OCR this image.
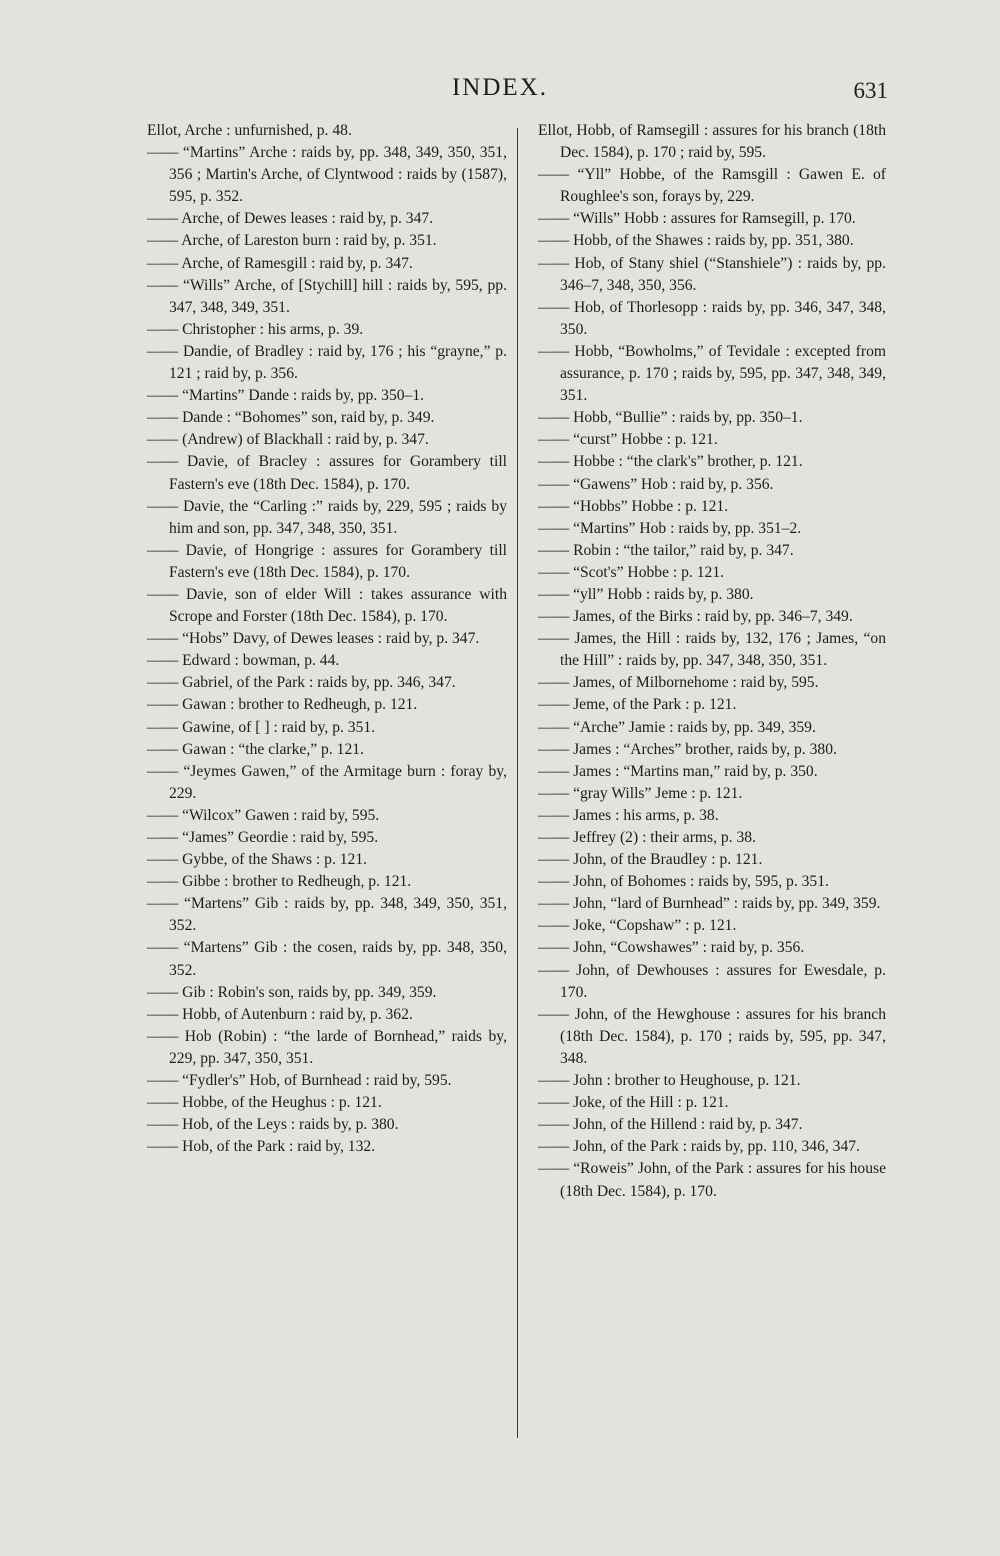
INDEX.	631

Ellot, Arche : unfurnished, p. 48.

—— “Martins” Arche : raids by, pp. 348, 349, 350, 351, 356 ; Martin's Arche, of Clyntwood : raids by (1587), 595, p. 352.

—— Arche, of Dewes leases : raid by, p. 347.

—— Arche, of Lareston burn : raid by, p. 351.

—— Arche, of Ramesgill : raid by, p. 347.

—— “Wills” Arche, of [Stychill] hill : raids by, 595, pp. 347, 348, 349, 351.

—— Christopher : his arms, p. 39.

—— Dandie, of Bradley : raid by, 176 ; his “grayne,” p. 121 ; raid by, p. 356.

—— “Martins” Dande : raids by, pp. 350–1.

—— Dande : “Bohomes” son, raid by, p. 349.

—— (Andrew) of Blackhall : raid by, p. 347.

—— Davie, of Bracley : assures for Gorambery till Fastern's eve (18th Dec. 1584), p. 170.

—— Davie, the “Carling :” raids by, 229, 595 ; raids by him and son, pp. 347, 348, 350, 351.

—— Davie, of Hongrige : assures for Gorambery till Fastern's eve (18th Dec. 1584), p. 170.

—— Davie, son of elder Will : takes assurance with Scrope and Forster (18th Dec. 1584), p. 170.

—— “Hobs” Davy, of Dewes leases : raid by, p. 347.

—— Edward : bowman, p. 44.

—— Gabriel, of the Park : raids by, pp. 346, 347.

—— Gawan : brother to Redheugh, p. 121.

—— Gawine, of [ ] : raid by, p. 351.

—— Gawan : “the clarke,” p. 121.

—— “Jeymes Gawen,” of the Armitage burn : foray by, 229.

—— “Wilcox” Gawen : raid by, 595.

—— “James” Geordie : raid by, 595.

—— Gybbe, of the Shaws : p. 121.

—— Gibbe : brother to Redheugh, p. 121.

—— “Martens” Gib : raids by, pp. 348, 349, 350, 351, 352.

—— “Martens” Gib : the cosen, raids by, pp. 348, 350, 352.

—— Gib : Robin's son, raids by, pp. 349, 359.

—— Hobb, of Autenburn : raid by, p. 362.

—— Hob (Robin) : “the larde of Bornhead,” raids by, 229, pp. 347, 350, 351.

—— “Fydler's” Hob, of Burnhead : raid by, 595.

—— Hobbe, of the Heughus : p. 121.

—— Hob, of the Leys : raids by, p. 380.

—— Hob, of the Park : raid by, 132.

Ellot, Hobb, of Ramsegill : assures for his branch (18th Dec. 1584), p. 170 ; raid by, 595.

—— “Yll” Hobbe, of the Ramsgill : Gawen E. of Roughlee's son, forays by, 229.

—— “Wills” Hobb : assures for Ramsegill, p. 170.

—— Hobb, of the Shawes : raids by, pp. 351, 380.

—— Hob, of Stany shiel (“Stanshiele”) : raids by, pp. 346–7, 348, 350, 356.

—— Hob, of Thorlesopp : raids by, pp. 346, 347, 348, 350.

—— Hobb, “Bowholms,” of Tevidale : excepted from assurance, p. 170 ; raids by, 595, pp. 347, 348, 349, 351.

—— Hobb, “Bullie” : raids by, pp. 350–1.

—— “curst” Hobbe : p. 121.

—— Hobbe : “the clark's” brother, p. 121.

—— “Gawens” Hob : raid by, p. 356.

—— “Hobbs” Hobbe : p. 121.

—— “Martins” Hob : raids by, pp. 351–2.

—— Robin : “the tailor,” raid by, p. 347.

—— “Scot's” Hobbe : p. 121.

—— “yll” Hobb : raids by, p. 380.

—— James, of the Birks : raid by, pp. 346–7, 349.

—— James, the Hill : raids by, 132, 176 ; James, “on the Hill” : raids by, pp. 347, 348, 350, 351.

—— James, of Milbornehome : raid by, 595.

—— Jeme, of the Park : p. 121.

—— “Arche” Jamie : raids by, pp. 349, 359.

—— James : “Arches” brother, raids by, p. 380.

—— James : “Martins man,” raid by, p. 350.

—— “gray Wills” Jeme : p. 121.

—— James : his arms, p. 38.

—— Jeffrey (2) : their arms, p. 38.

—— John, of the Braudley : p. 121.

—— John, of Bohomes : raids by, 595, p. 351.

—— John, “lard of Burnhead” : raids by, pp. 349, 359.

—— Joke, “Copshaw” : p. 121.

—— John, “Cowshawes” : raid by, p. 356.

—— John, of Dewhouses : assures for Ewesdale, p. 170.

—— John, of the Hewghouse : assures for his branch (18th Dec. 1584), p. 170 ; raids by, 595, pp. 347, 348.

—— John : brother to Heughouse, p. 121.

—— Joke, of the Hill : p. 121.

—— John, of the Hillend : raid by, p. 347.

—— John, of the Park : raids by, pp. 110, 346, 347.

—— “Roweis” John, of the Park : assures for his house (18th Dec. 1584), p. 170.
